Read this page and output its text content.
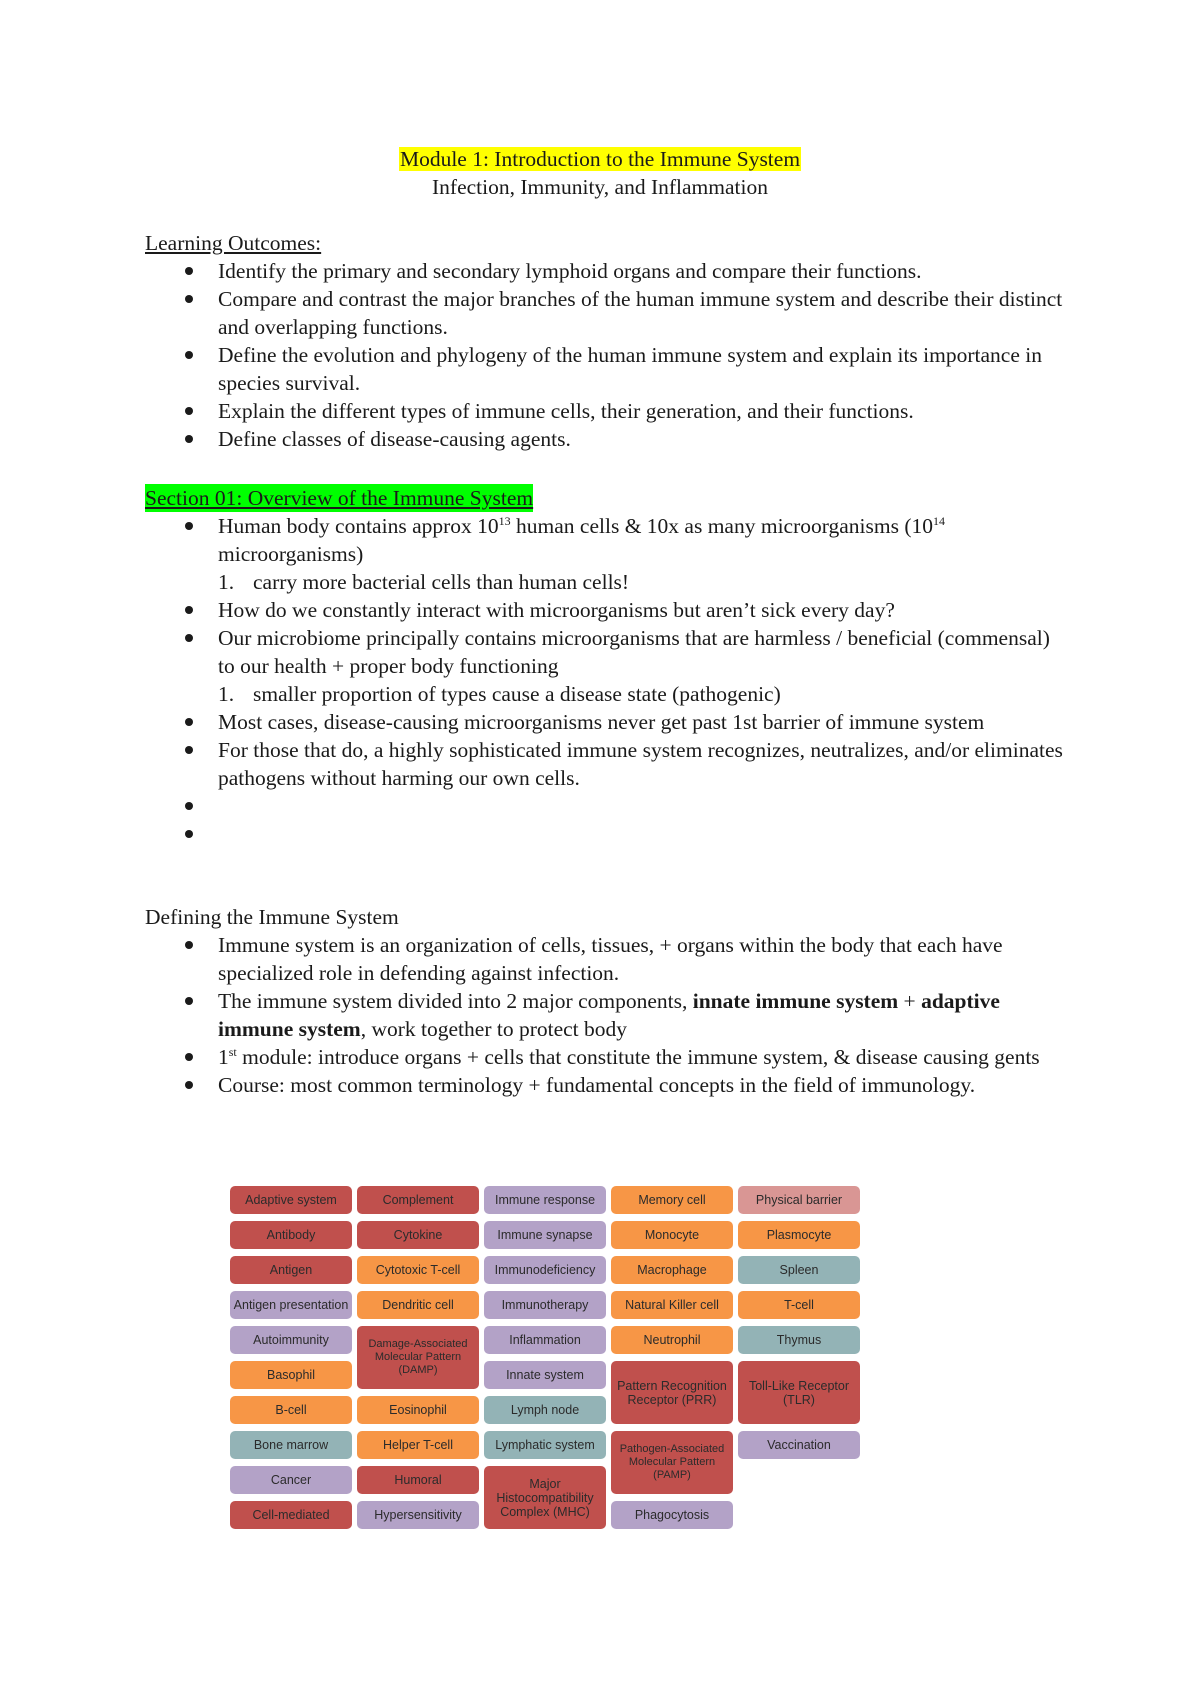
Module 1: Introduction to the Immune System
Infection, Immunity, and Inflammation
Learning Outcomes:
Identify the primary and secondary lymphoid organs and compare their functions.
Compare and contrast the major branches of the human immune system and describe their distinct and overlapping functions.
Define the evolution and phylogeny of the human immune system and explain its importance in species survival.
Explain the different types of immune cells, their generation, and their functions.
Define classes of disease-causing agents.
Section 01: Overview of the Immune System
Human body contains approx $10^{13}$ human cells & 10x as many microorganisms ($10^{14}$ microorganisms)
1. carry more bacterial cells than human cells!
How do we constantly interact with microorganisms but aren’t sick every day?
Our microbiome principally contains microorganisms that are harmless / beneficial (commensal) to our health + proper body functioning
1. smaller proportion of types cause a disease state (pathogenic)
Most cases, disease-causing microorganisms never get past 1st barrier of immune system
For those that do, a highly sophisticated immune system recognizes, neutralizes, and/or eliminates pathogens without harming our own cells.
Defining the Immune System
Immune system is an organization of cells, tissues, + organs within the body that each have specialized role in defending against infection.
The immune system divided into 2 major components, innate immune system + adaptive immune system, work together to protect body
1st module: introduce organs + cells that constitute the immune system, & disease causing gents
Course: most common terminology + fundamental concepts in the field of immunology.
Adaptive system
Antibody
Antigen
Antigen presentation
Autoimmunity
Basophil
B-cell
Bone marrow
Cancer
Cell-mediated
Complement
Cytokine
Cytotoxic T-cell
Dendritic cell
Damage-Associated Molecular Pattern (DAMP)
Eosinophil
Helper T-cell
Humoral
Hypersensitivity
Immune response
Immune synapse
Immunodeficiency
Immunotherapy
Inflammation
Innate system
Lymph node
Lymphatic system
Major Histocompatibility Complex (MHC)
Memory cell
Monocyte
Macrophage
Natural Killer cell
Neutrophil
Pattern Recognition Receptor (PRR)
Pathogen-Associated Molecular Pattern (PAMP)
Phagocytosis
Physical barrier
Plasmocyte
Spleen
T-cell
Thymus
Toll-Like Receptor (TLR)
Vaccination
